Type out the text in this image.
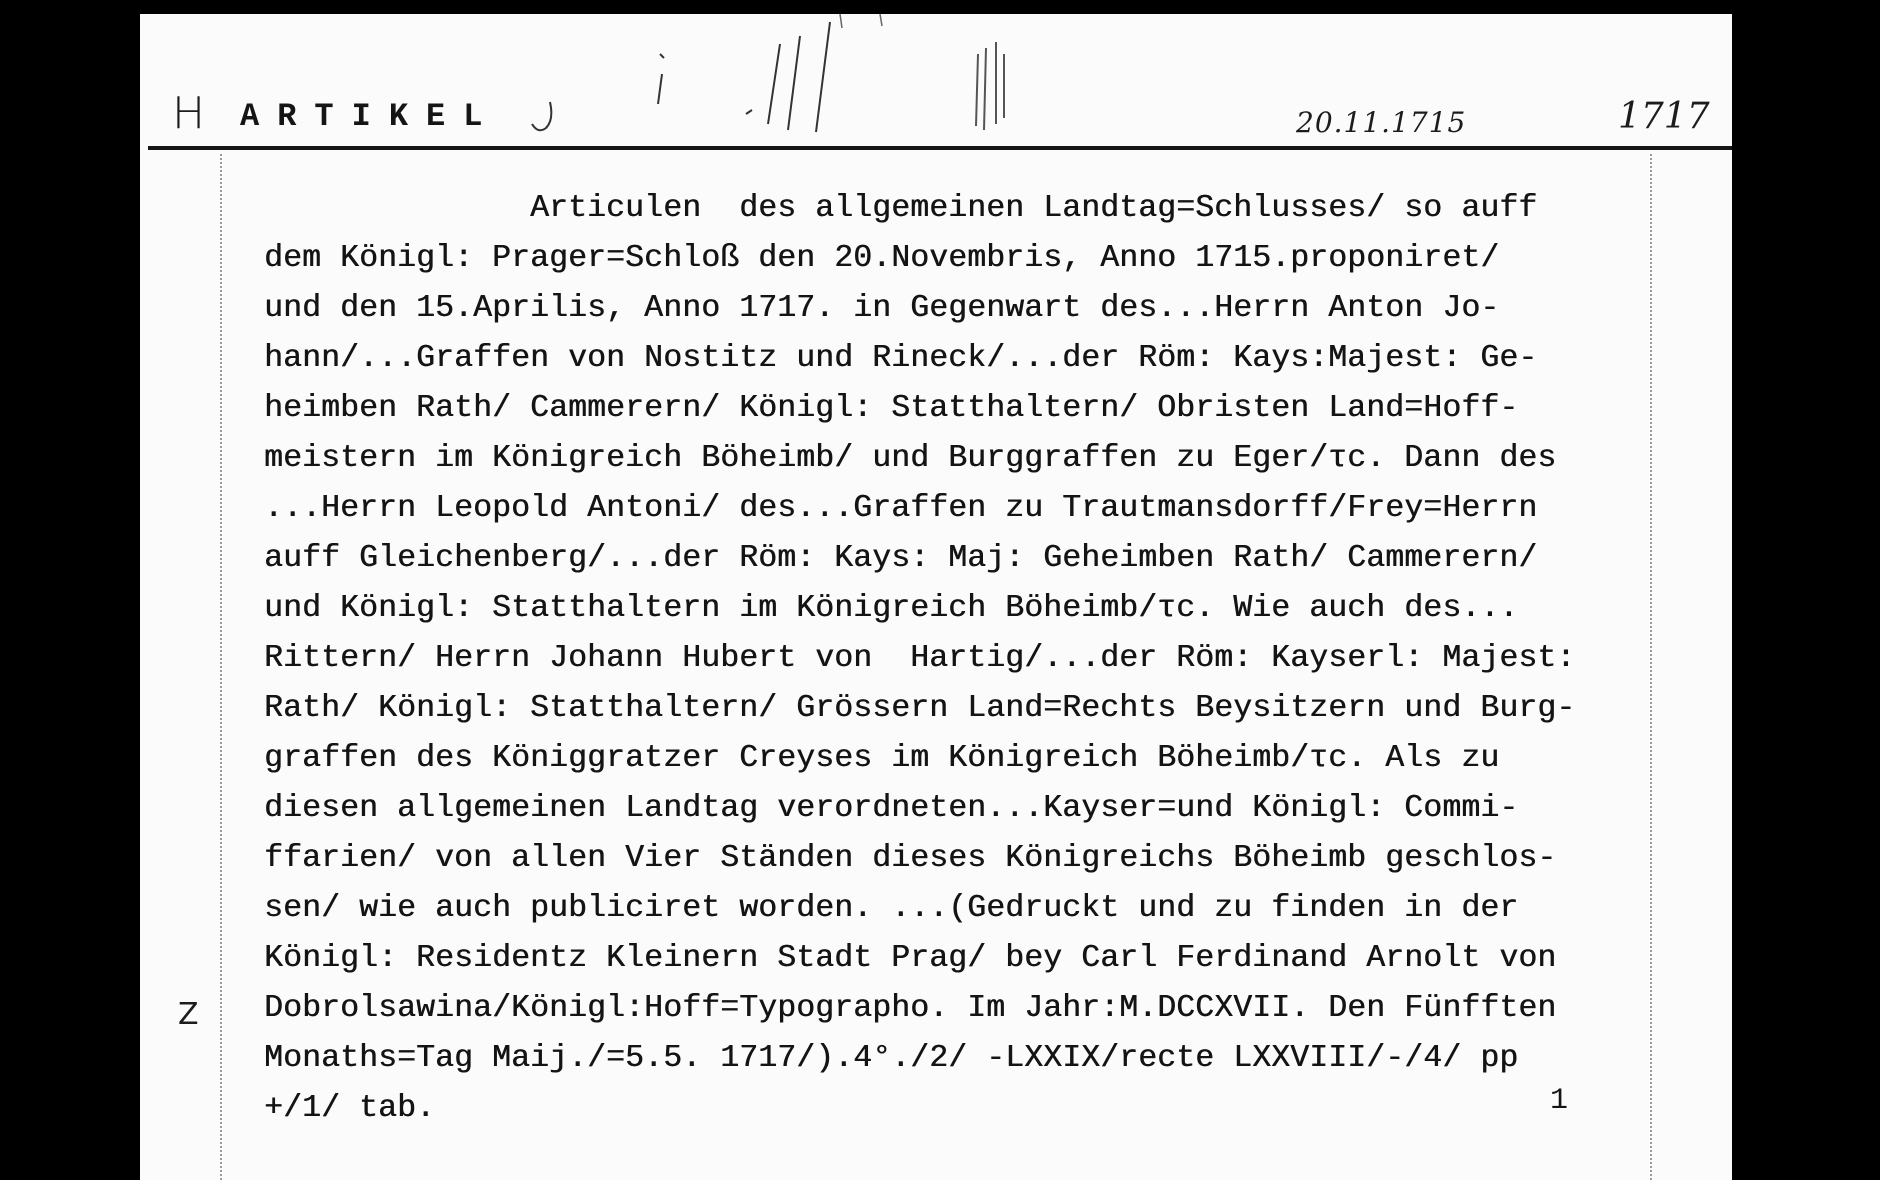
H ARTIKEL	20.11.1715	1717
Z
Articulen  des allgemeinen Landtag=Schlusses/ so auff
dem Königl: Prager=Schloß den 20.Novembris, Anno 1715.proponiret/
und den 15.Aprilis, Anno 1717. in Gegenwart des...Herrn Anton Jo-
hann/...Graffen von Nostitz und Rineck/...der Röm: Kays:Majest: Ge-
heimben Rath/ Cammerern/ Königl: Statthaltern/ Obristen Land=Hoff-
meistern im Königreich Böheimb/ und Burggraffen zu Eger/τc. Dann des
...Herrn Leopold Antoni/ des...Graffen zu Trautmansdorff/Frey=Herrn
auff Gleichenberg/...der Röm: Kays: Maj: Geheimben Rath/ Cammerern/
und Königl: Statthaltern im Königreich Böheimb/τc. Wie auch des...
Rittern/ Herrn Johann Hubert von  Hartig/...der Röm: Kayserl: Majest:
Rath/ Königl: Statthaltern/ Grössern Land=Rechts Beysitzern und Burg-
graffen des Königgratzer Creyses im Königreich Böheimb/τc. Als zu
diesen allgemeinen Landtag verordneten...Kayser=und Königl: Commi-
ffarien/ von allen Vier Ständen dieses Königreichs Böheimb geschlos-
sen/ wie auch publiciret worden. ...(Gedruckt und zu finden in der
Königl: Residentz Kleinern Stadt Prag/ bey Carl Ferdinand Arnolt von
Dobrolsawina/Königl:Hoff=Typographo. Im Jahr:M.DCCXVII. Den Fünfften
Monaths=Tag Maij./=5.5. 1717/).4°./2/ -LXXIX/recte LXXVIII/-/4/ pp
+/1/ tab.	1
